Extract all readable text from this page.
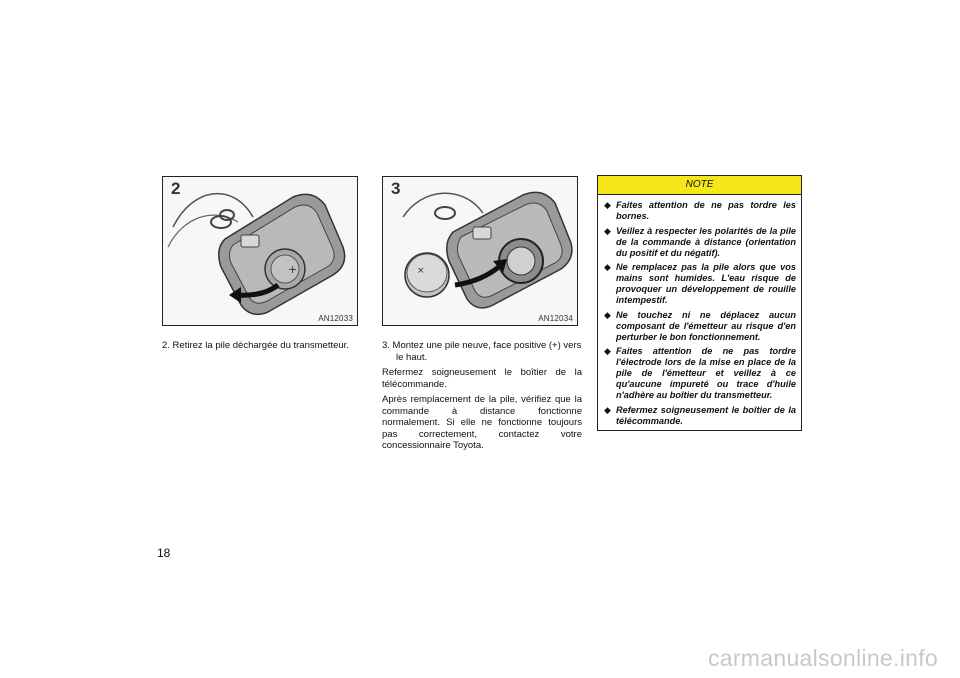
+
2
AN12033
2. Retirez la pile déchargée du transmetteur.
×
3
AN12034
3. Montez une pile neuve, face positive (+) vers le haut.
Refermez soigneusement le boîtier de la télécommande.
Après remplacement de la pile, vérifiez que la commande à distance fonctionne normalement. Si elle ne fonctionne toujours pas correctement, contactez votre concessionnaire Toyota.
NOTE
◆ Faites attention de ne pas tordre les bornes.
◆ Veillez à respecter les polarités de la pile de la commande à distance (orientation du positif et du négatif).
◆ Ne remplacez pas la pile alors que vos mains sont humides. L'eau risque de provoquer un développement de rouille intempestif.
◆ Ne touchez ni ne déplacez aucun composant de l'émetteur au risque d'en perturber le bon fonctionnement.
◆ Faites attention de ne pas tordre l'électrode lors de la mise en place de la pile de l'émetteur et veillez à ce qu'aucune impureté ou trace d'huile n'adhère au boîtier du transmetteur.
◆ Refermez soigneusement le boîtier de la télécommande.
18
carmanualsonline.info
